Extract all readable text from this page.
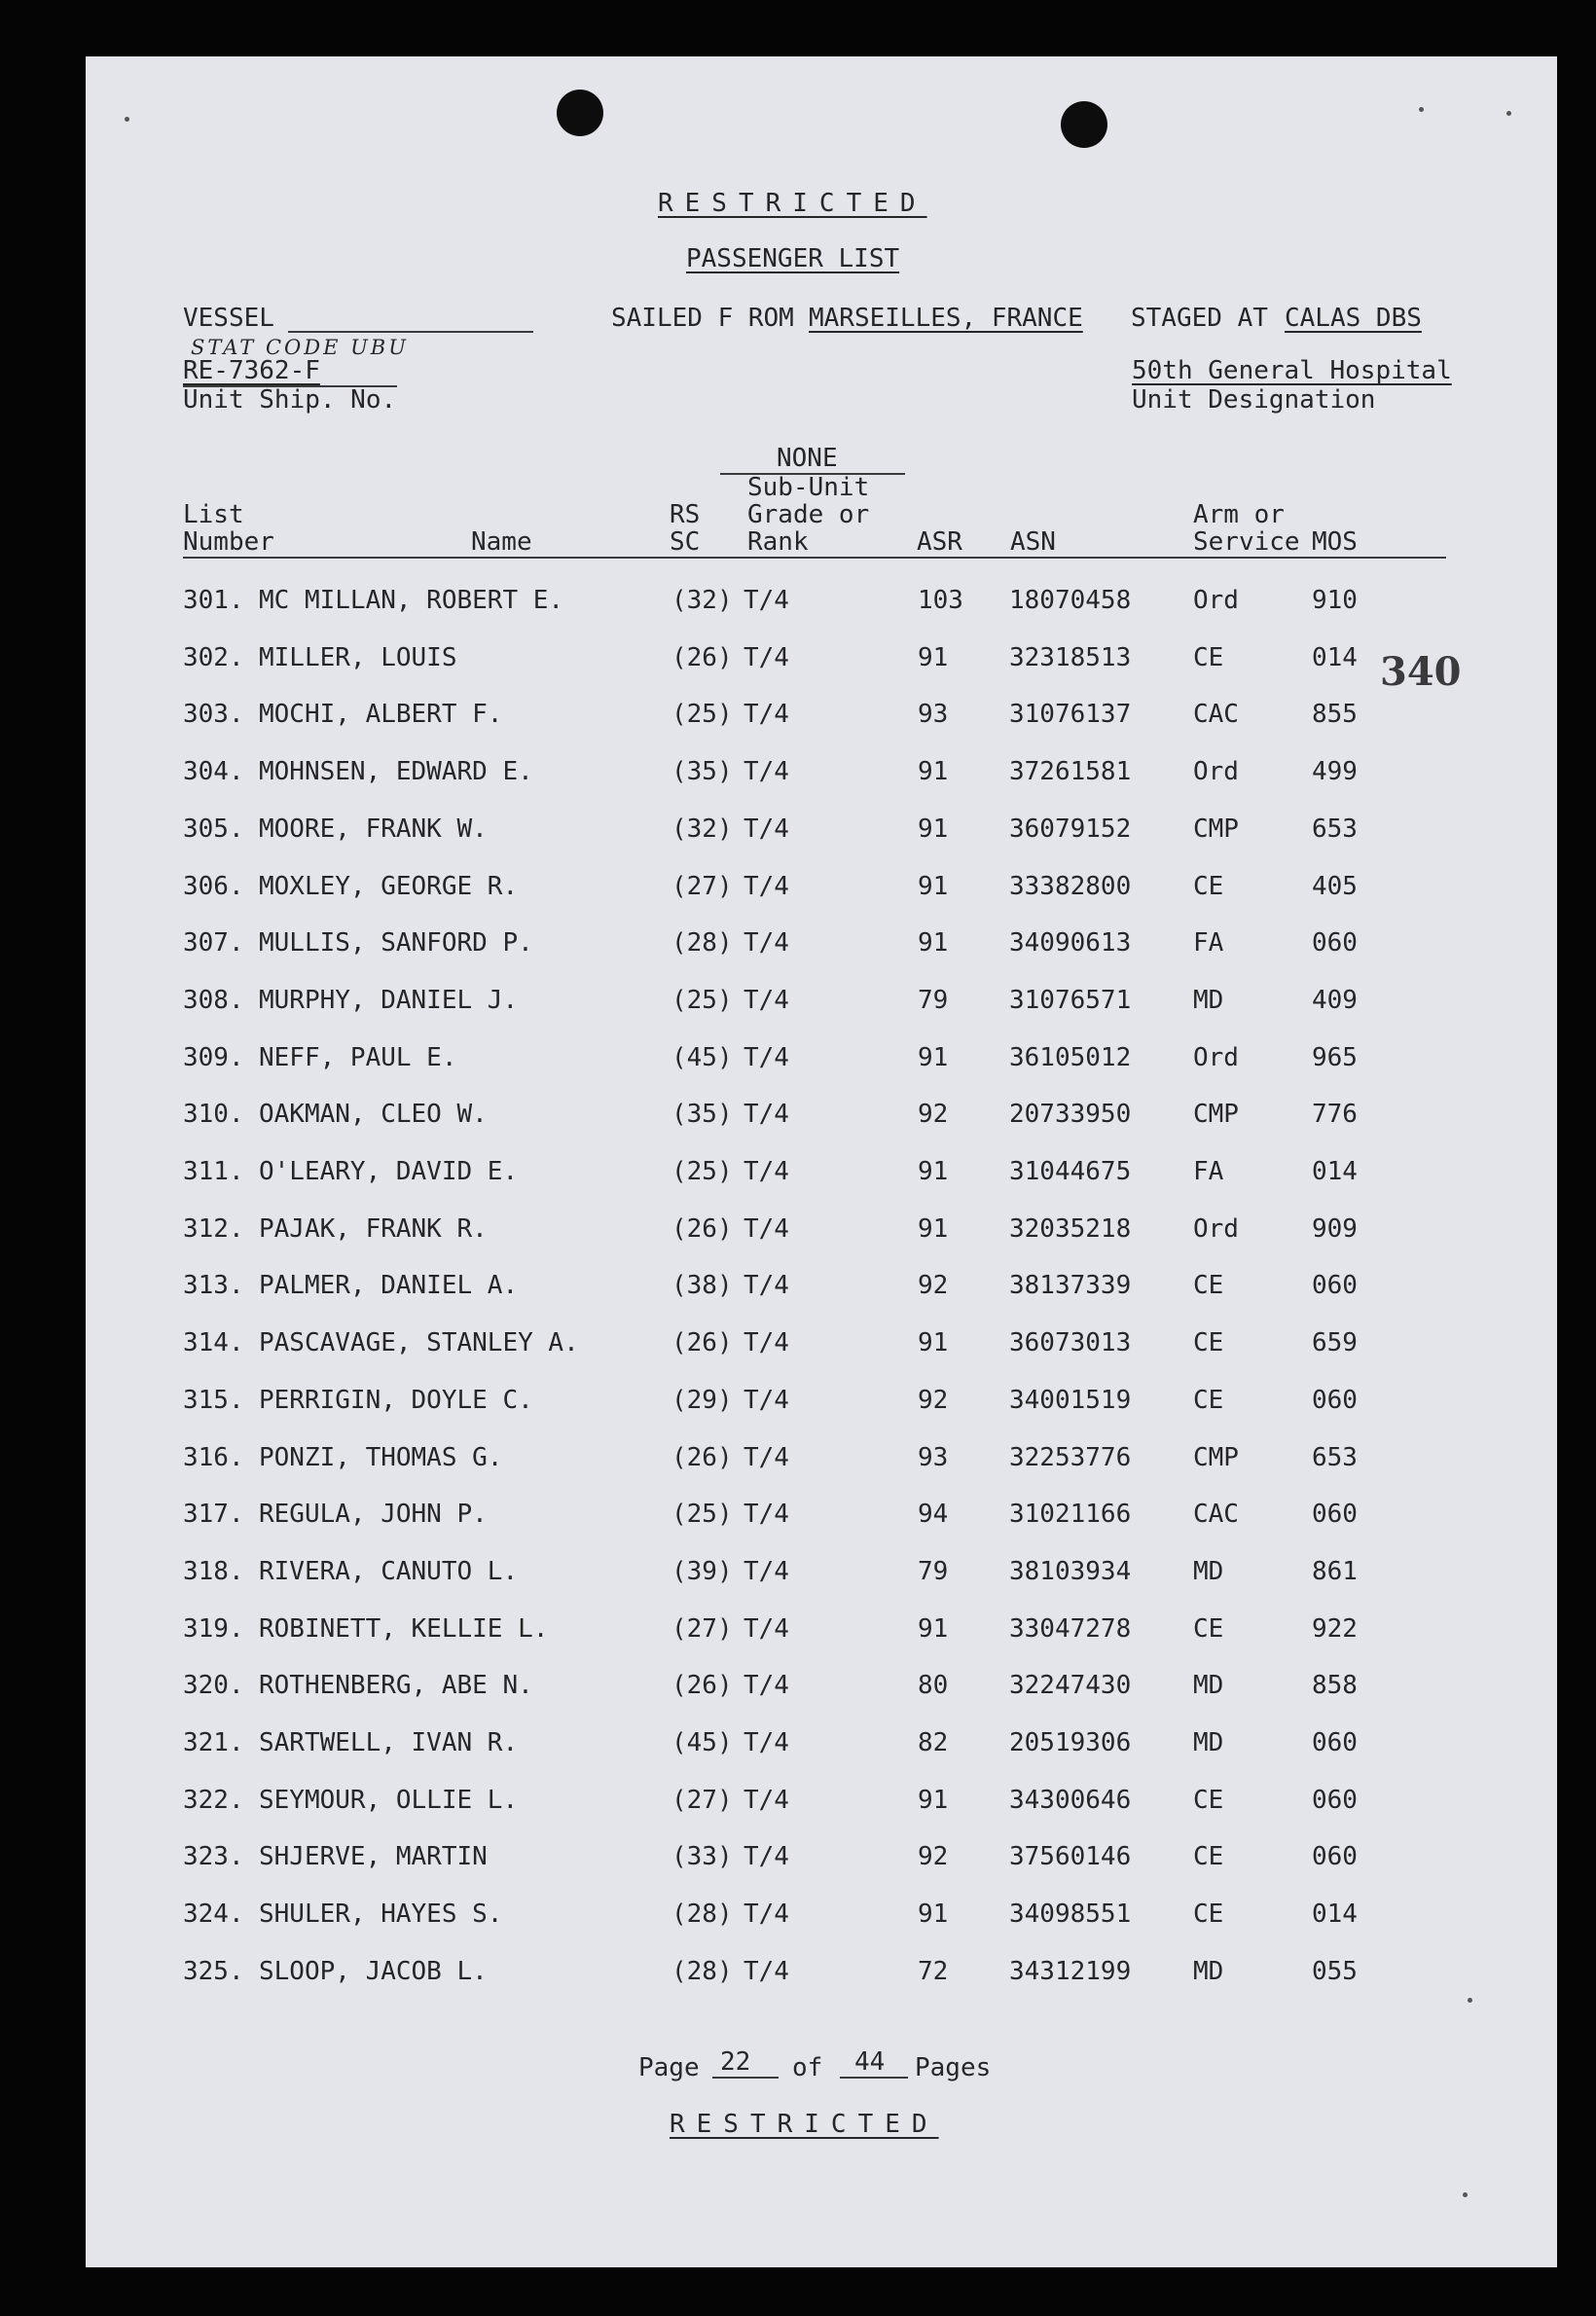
RESTRICTED
PASSENGER LIST
VESSEL	SAILED F ROM MARSEILLES, FRANCE STAGED AT CALAS DBS
STAT CODE UBU
RE-7362-F
Unit Ship. No.
50th General Hospital
Unit Designation
340
NONE
Sub-Unit
List	RS Grade or	Arm or
Number	Name	SC Rank	ASR ASN	Service MOS
301. MC MILLAN, ROBERT E.	(32) T/4	103 18070458 Ord	910
302. MILLER, LOUIS	(26) T/4	91 32318513 CE	014
303. MOCHI, ALBERT F.	(25) T/4	93 31076137 CAC	855
304. MOHNSEN, EDWARD E.	(35) T/4	91 37261581 Ord	499
305. MOORE, FRANK W.	(32) T/4	91 36079152 CMP	653
306. MOXLEY, GEORGE R.	(27) T/4	91 33382800 CE	405
307. MULLIS, SANFORD P.	(28) T/4	91 34090613 FA	060
308. MURPHY, DANIEL J.	(25) T/4	79 31076571 MD	409
309. NEFF, PAUL E.	(45) T/4	91 36105012 Ord	965
310. OAKMAN, CLEO W.	(35) T/4	92 20733950 CMP	776
311. O'LEARY, DAVID E.	(25) T/4	91 31044675 FA	014
312. PAJAK, FRANK R.	(26) T/4	91 32035218 Ord	909
313. PALMER, DANIEL A.	(38) T/4	92 38137339 CE	060
314. PASCAVAGE, STANLEY A.	(26) T/4	91 36073013 CE	659
315. PERRIGIN, DOYLE C.	(29) T/4	92 34001519 CE	060
316. PONZI, THOMAS G.	(26) T/4	93 32253776 CMP	653
317. REGULA, JOHN P.	(25) T/4	94 31021166 CAC	060
318. RIVERA, CANUTO L.	(39) T/4	79 38103934 MD	861
319. ROBINETT, KELLIE L.	(27) T/4	91 33047278 CE	922
320. ROTHENBERG, ABE N.	(26) T/4	80 32247430 MD	858
321. SARTWELL, IVAN R.	(45) T/4	82 20519306 MD	060
322. SEYMOUR, OLLIE L.	(27) T/4	91 34300646 CE	060
323. SHJERVE, MARTIN	(33) T/4	92 37560146 CE	060
324. SHULER, HAYES S.	(28) T/4	91 34098551 CE	014
325. SLOOP, JACOB L.	(28) T/4	72 34312199 MD	055
Page 22 of 44 Pages
RESTRICTED
